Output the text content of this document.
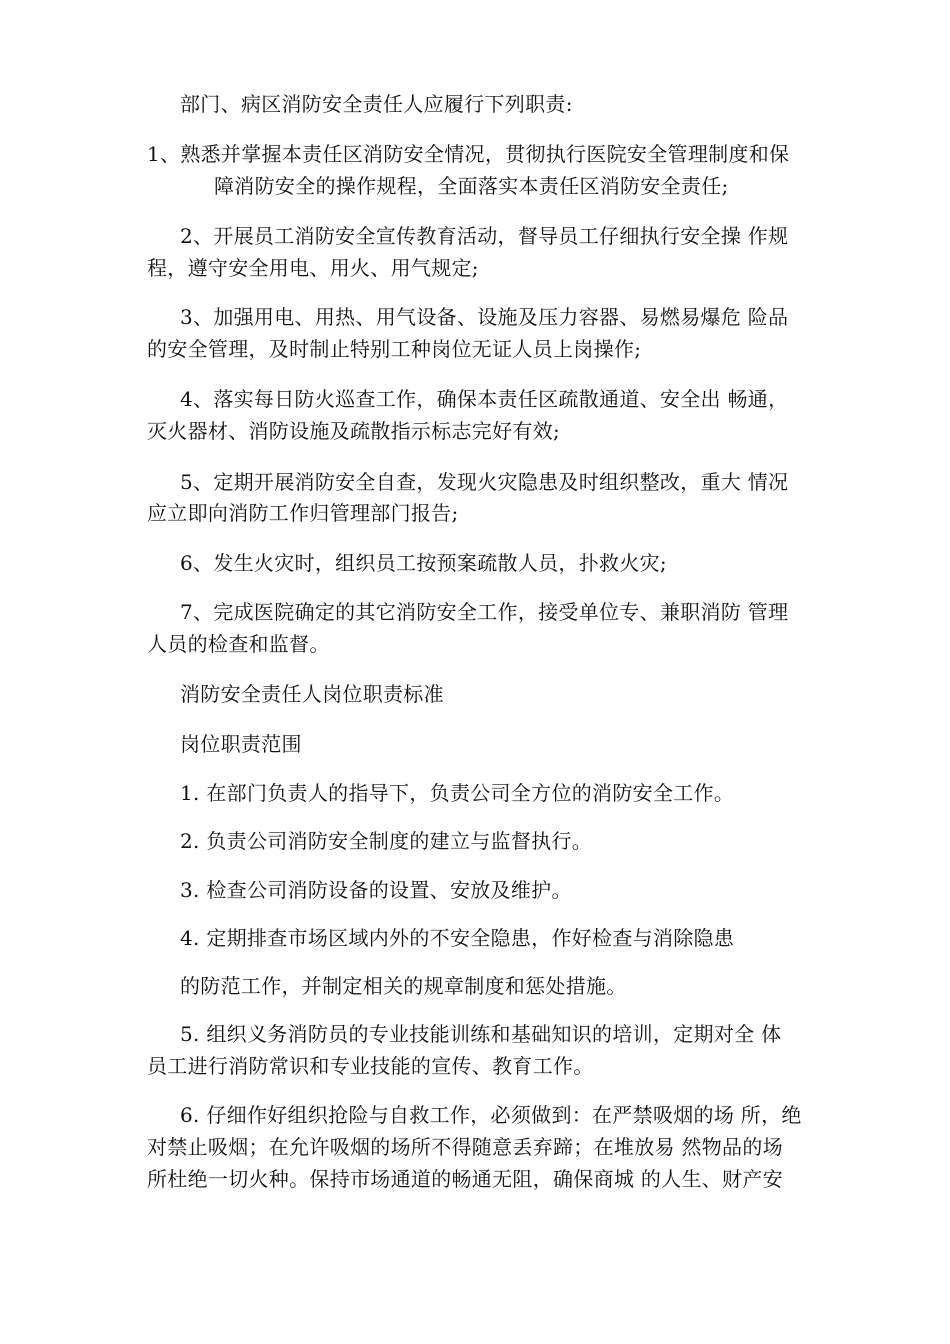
部门、病区消防安全责任人应履行下列职责:
1、熟悉并掌握本责任区消防安全情况，贯彻执行医院安全管理制度和保
障消防安全的操作规程，全面落实本责任区消防安全责任;
2、开展员工消防安全宣传教育活动，督导员工仔细执行安全操 作规
程，遵守安全用电、用火、用气规定;
3、加强用电、用热、用气设备、设施及压力容器、易燃易爆危 险品
的安全管理，及时制止特别工种岗位无证人员上岗操作;
4、落实每日防火巡查工作，确保本责任区疏散通道、安全出 畅通，
灭火器材、消防设施及疏散指示标志完好有效;
5、定期开展消防安全自查，发现火灾隐患及时组织整改，重大 情况
应立即向消防工作归管理部门报告;
6、发生火灾时，组织员工按预案疏散人员，扑救火灾;
7、完成医院确定的其它消防安全工作，接受单位专、兼职消防 管理
人员的检查和监督。
消防安全责任人岗位职责标准
岗位职责范围
1. 在部门负责人的指导下，负责公司全方位的消防安全工作。
2. 负责公司消防安全制度的建立与监督执行。
3. 检查公司消防设备的设置、安放及维护。
4. 定期排查市场区域内外的不安全隐患，作好检查与消除隐患
的防范工作，并制定相关的规章制度和惩处措施。
5. 组织义务消防员的专业技能训练和基础知识的培训，定期对全 体
员工进行消防常识和专业技能的宣传、教育工作。
6. 仔细作好组织抢险与自救工作，必须做到：在严禁吸烟的场 所，绝
对禁止吸烟；在允许吸烟的场所不得随意丢弃蹄；在堆放易 然物品的场
所杜绝一切火种。保持市场通道的畅通无阻，确保商城 的人生、财产安
